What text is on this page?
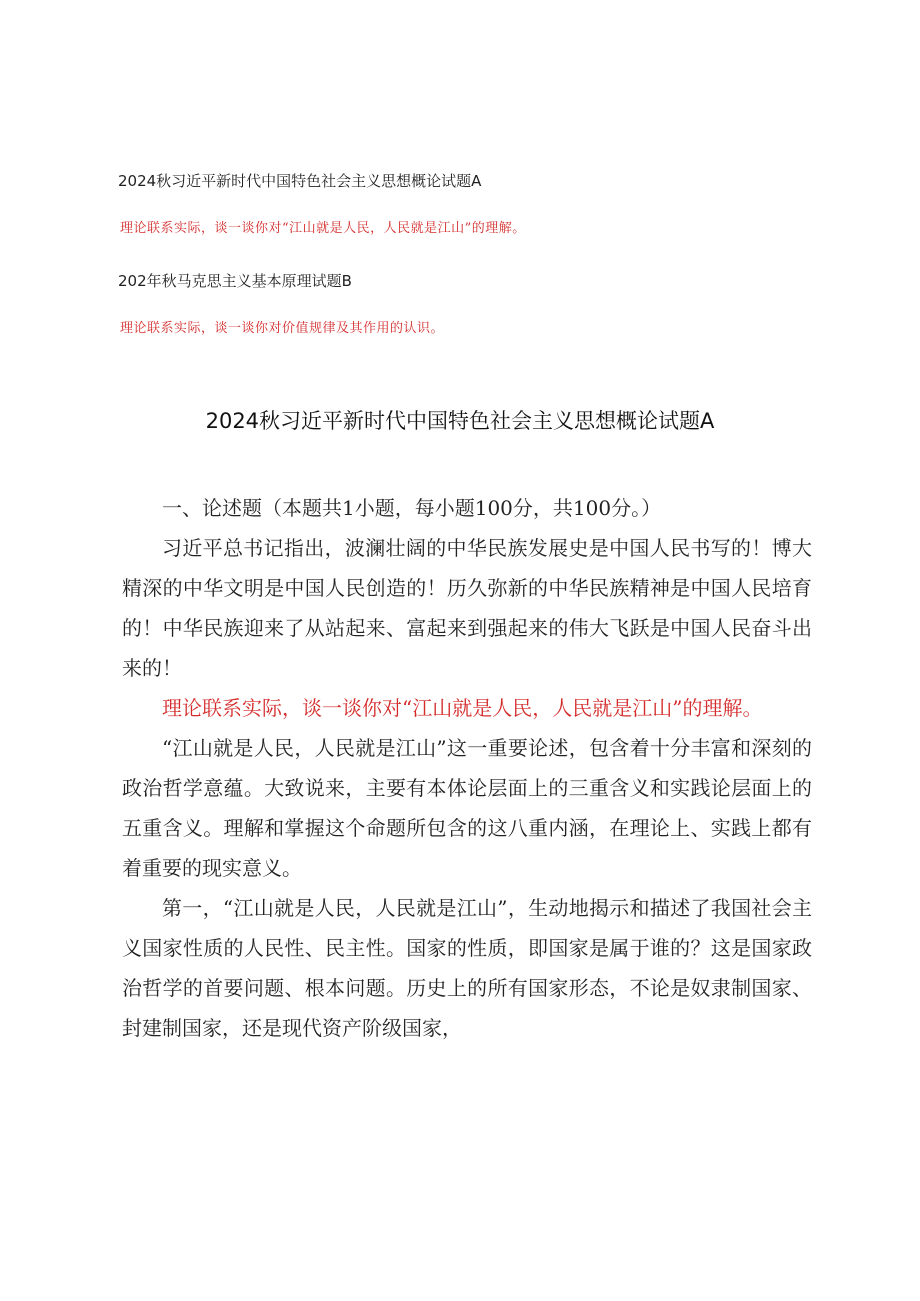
2024秋习近平新时代中国特色社会主义思想概论试题A
理论联系实际，谈一谈你对“江山就是人民，人民就是江山”的理解。
202年秋马克思主义基本原理试题B
理论联系实际，谈一谈你对价值规律及其作用的认识。
2024秋习近平新时代中国特色社会主义思想概论试题A

一、论述题（本题共1小题，每小题100分，共100分。）

习近平总书记指出，波澜壮阔的中华民族发展史是中国人民书写的！博大精深的中华文明是中国人民创造的！历久弥新的中华民族精神是中国人民培育的！中华民族迎来了从站起来、富起来到强起来的伟大飞跃是中国人民奋斗出来的！

理论联系实际，谈一谈你对“江山就是人民，人民就是江山”的理解。

“江山就是人民，人民就是江山”这一重要论述，包含着十分丰富和深刻的政治哲学意蕴。大致说来，主要有本体论层面上的三重含义和实践论层面上的五重含义。理解和掌握这个命题所包含的这八重内涵，在理论上、实践上都有着重要的现实意义。

第一，“江山就是人民，人民就是江山”，生动地揭示和描述了我国社会主义国家性质的人民性、民主性。国家的性质，即国家是属于谁的？这是国家政治哲学的首要问题、根本问题。历史上的所有国家形态，不论是奴隶制国家、封建制国家，还是现代资产阶级国家，
